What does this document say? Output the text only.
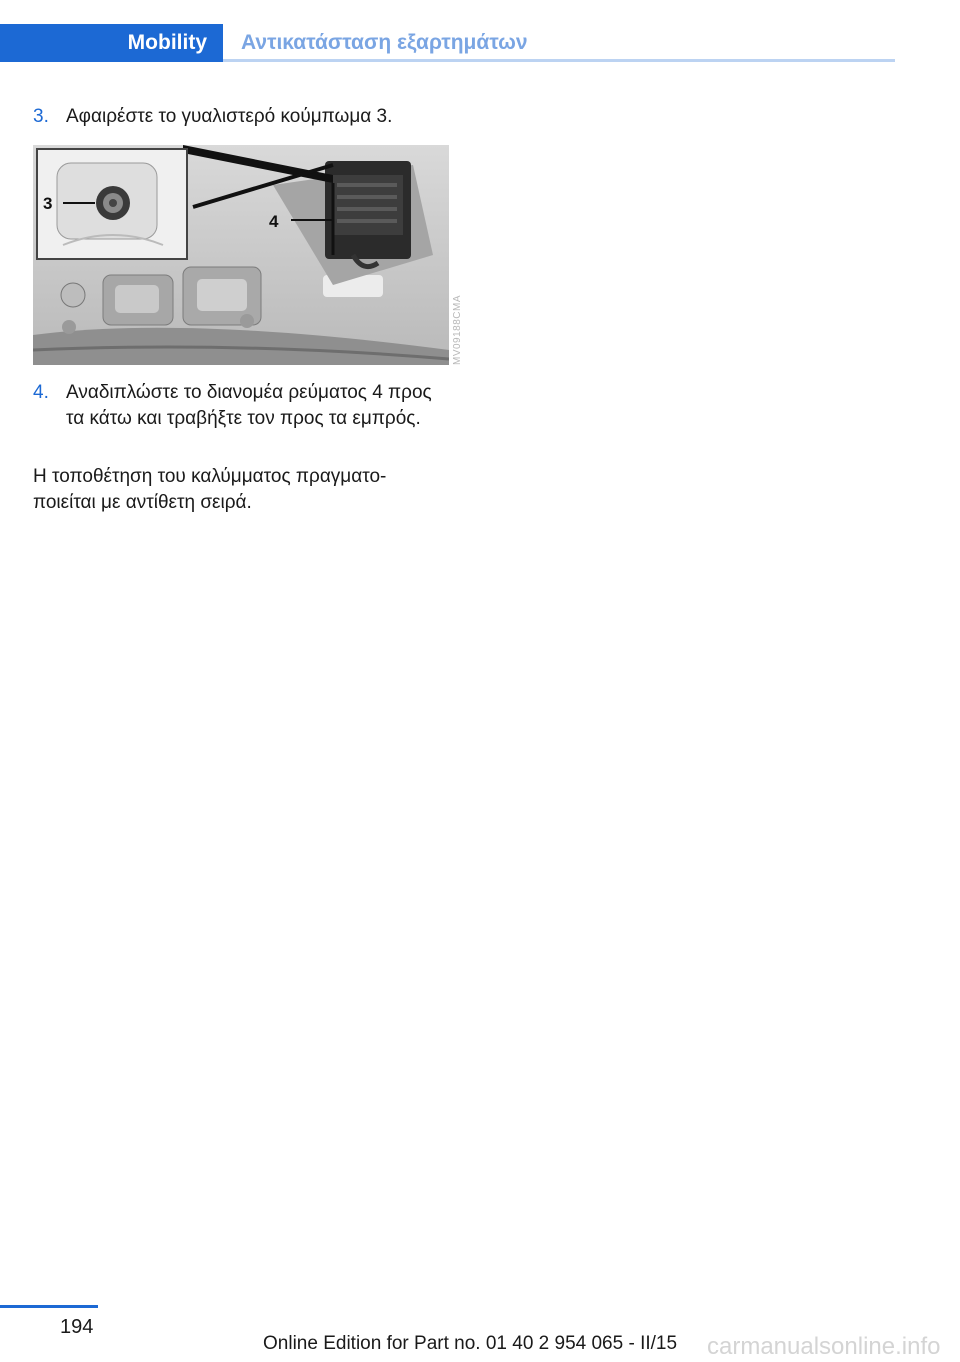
Mobility	Αντικατάσταση εξαρτημάτων
3. Αφαιρέστε το γυαλιστερό κούμπωμα 3.
3
4
MV09188CMA
4. Αναδιπλώστε το διανομέα ρεύματος 4 προς τα κάτω και τραβήξτε τον προς τα εμπρός.
Η τοποθέτηση του καλύμματος πραγματο-ποιείται με αντίθετη σειρά.
194
Online Edition for Part no. 01 40 2 954 065 - II/15 carmanualsonline.info
